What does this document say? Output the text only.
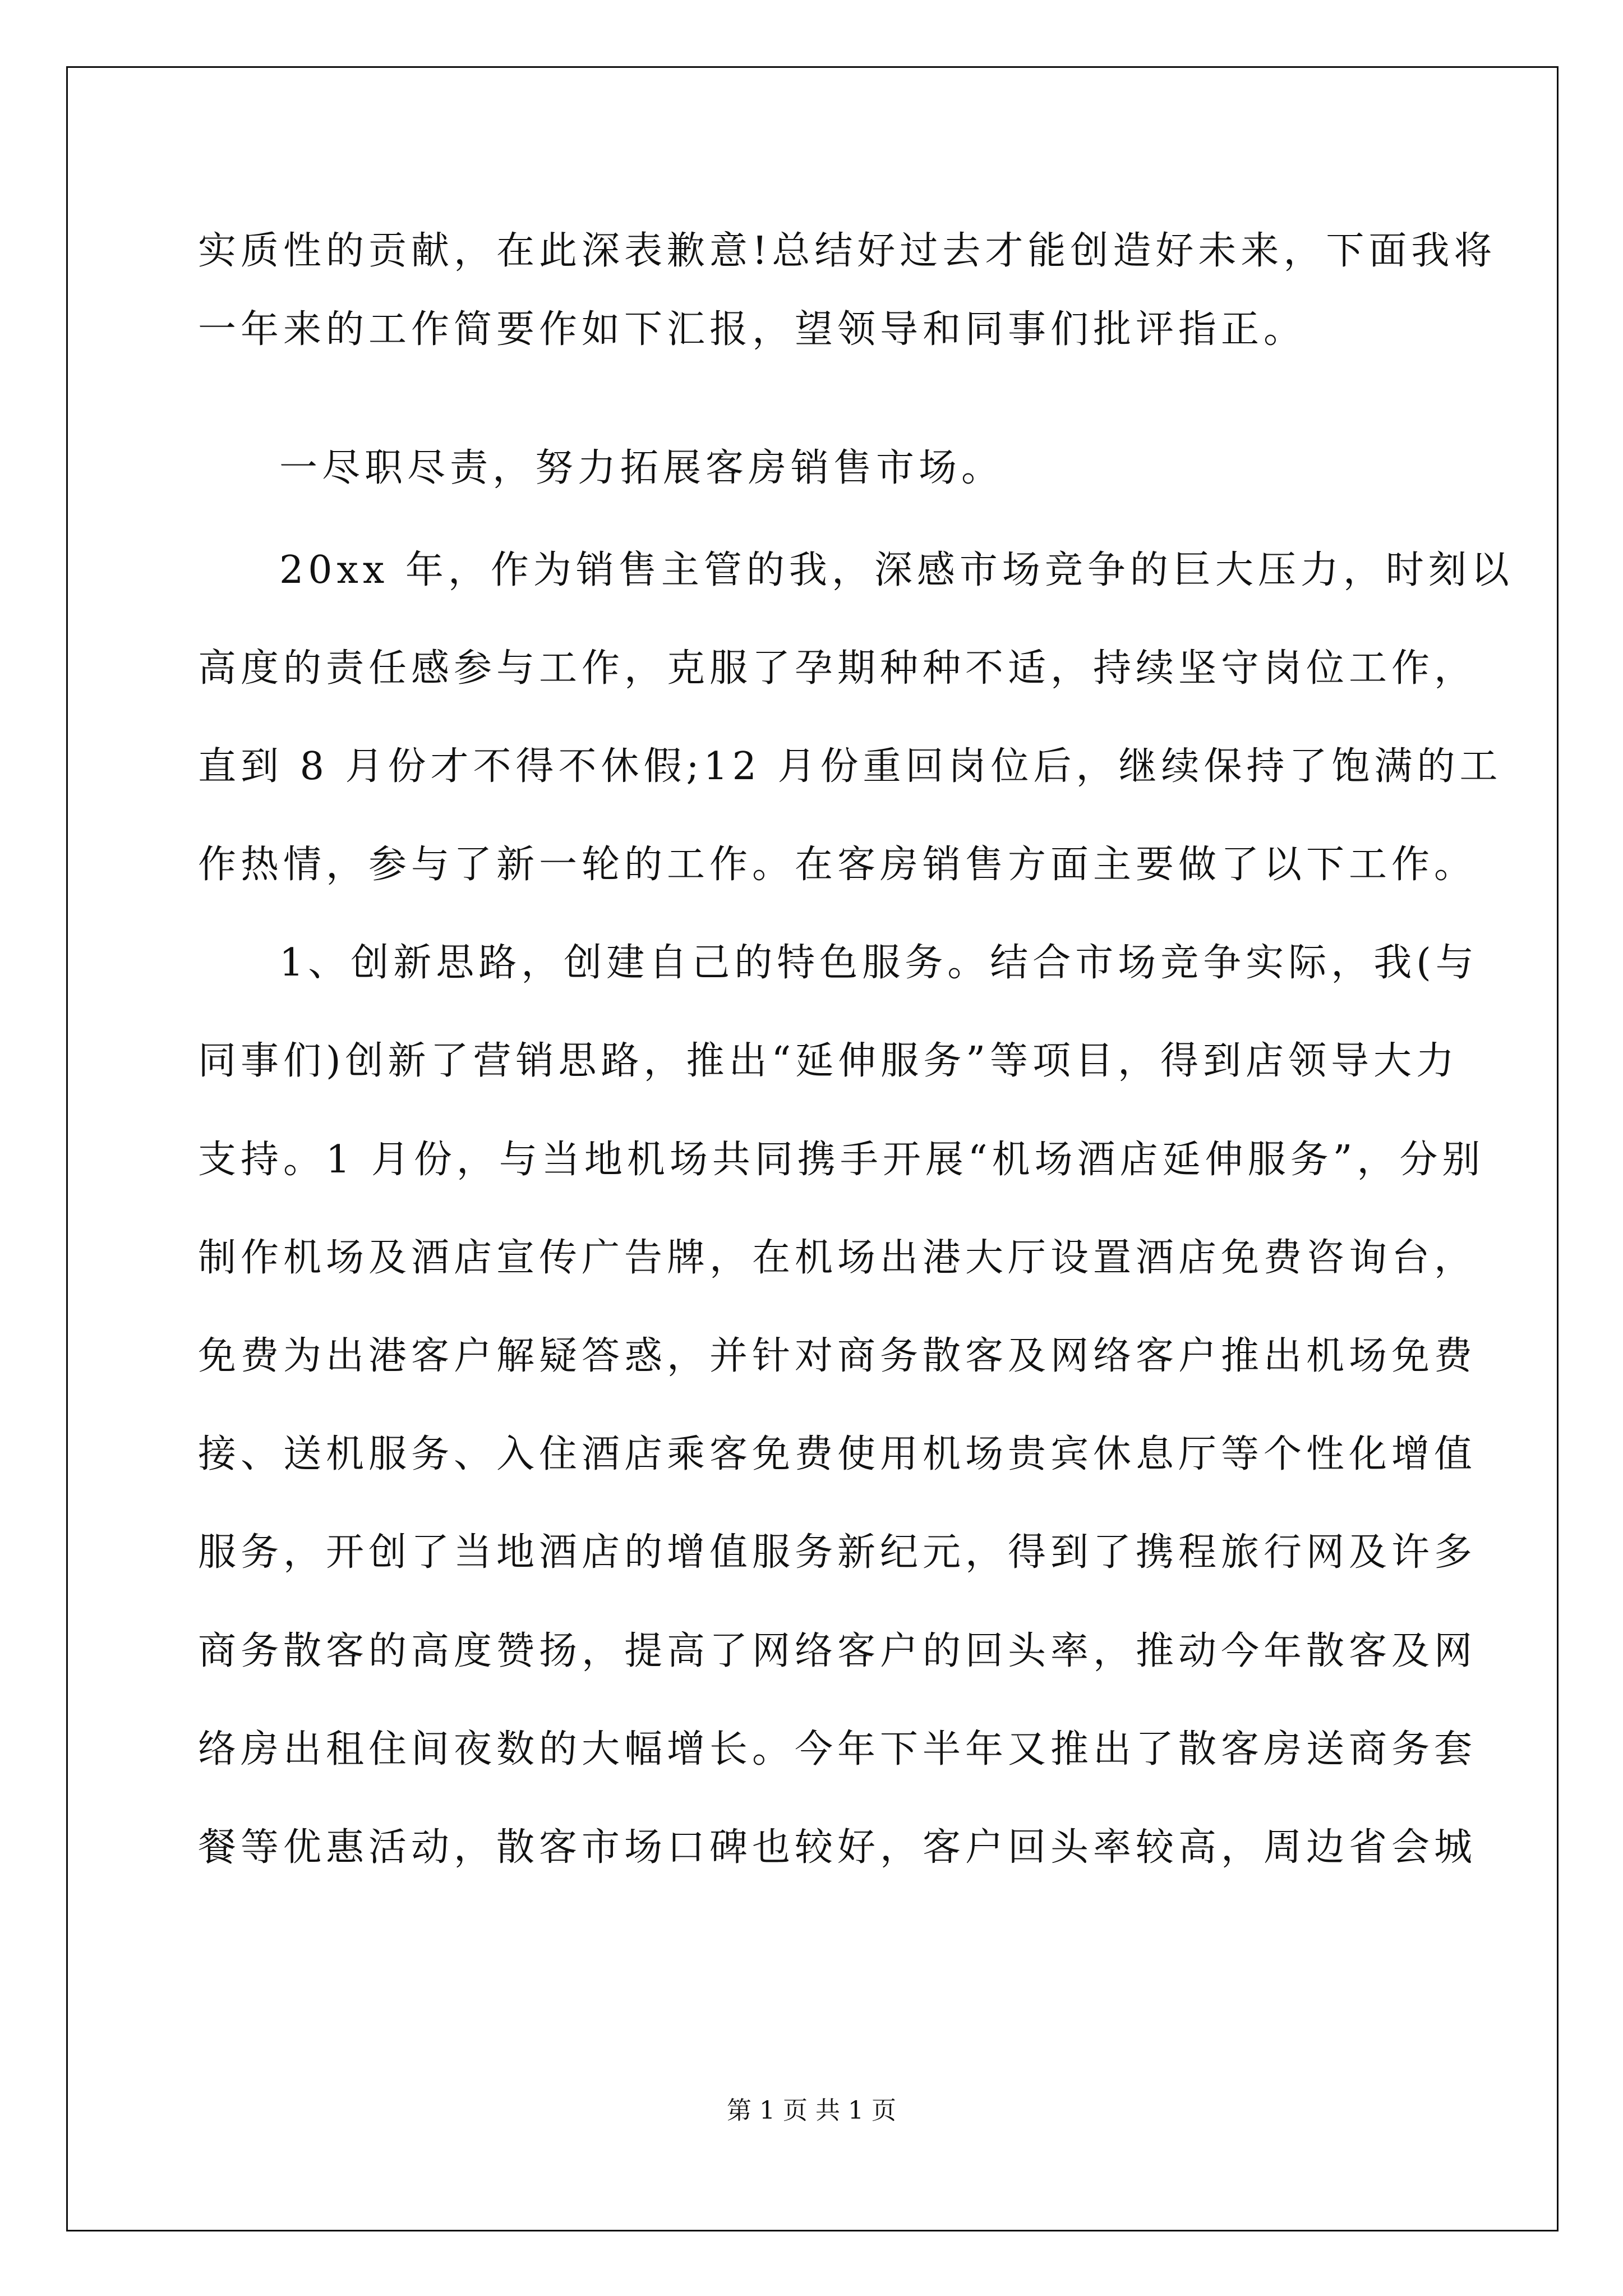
实质性的贡献，在此深表歉意!总结好过去才能创造好未来，下面我将
一年来的工作简要作如下汇报，望领导和同事们批评指正。
一尽职尽责，努力拓展客房销售市场。
20xx 年，作为销售主管的我，深感市场竞争的巨大压力，时刻以
高度的责任感参与工作，克服了孕期种种不适，持续坚守岗位工作，
直到 8 月份才不得不休假;12 月份重回岗位后，继续保持了饱满的工
作热情，参与了新一轮的工作。在客房销售方面主要做了以下工作。
1、创新思路，创建自己的特色服务。结合市场竞争实际，我(与
同事们)创新了营销思路，推出“延伸服务”等项目，得到店领导大力
支持。1 月份，与当地机场共同携手开展“机场酒店延伸服务”，分别
制作机场及酒店宣传广告牌，在机场出港大厅设置酒店免费咨询台，
免费为出港客户解疑答惑，并针对商务散客及网络客户推出机场免费
接、送机服务、入住酒店乘客免费使用机场贵宾休息厅等个性化增值
服务，开创了当地酒店的增值服务新纪元，得到了携程旅行网及许多
商务散客的高度赞扬，提高了网络客户的回头率，推动今年散客及网
络房出租住间夜数的大幅增长。今年下半年又推出了散客房送商务套
餐等优惠活动，散客市场口碑也较好，客户回头率较高，周边省会城
第 1 页 共 1 页
